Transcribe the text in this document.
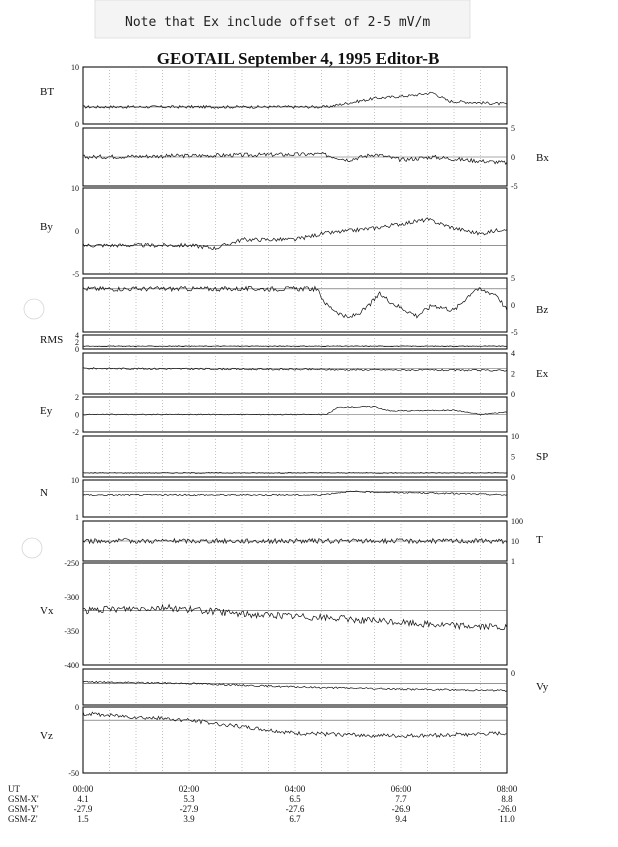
Note that Ex include offset of 2-5 mV/m
GEOTAIL September 4, 1995 Editor-B
10
0
BT
5
0
-5
Bx
10
0
-5
By
5
0
-5
Bz
4
2
0
RMS
4
2
0
Ex
2
0
-2
Ey
10
5
0
SP
10
1
N
100
10
1
T
-250
-300
-350
-400
Vx
0
Vy
0
-50
Vz
UT
GSM-X'
GSM-Y'
GSM-Z'
00:00
4.1
-27.9
1.5
02:00
5.3
-27.9
3.9
04:00
6.5
-27.6
6.7
06:00
7.7
-26.9
9.4
08:00
8.8
-26.0
11.0
